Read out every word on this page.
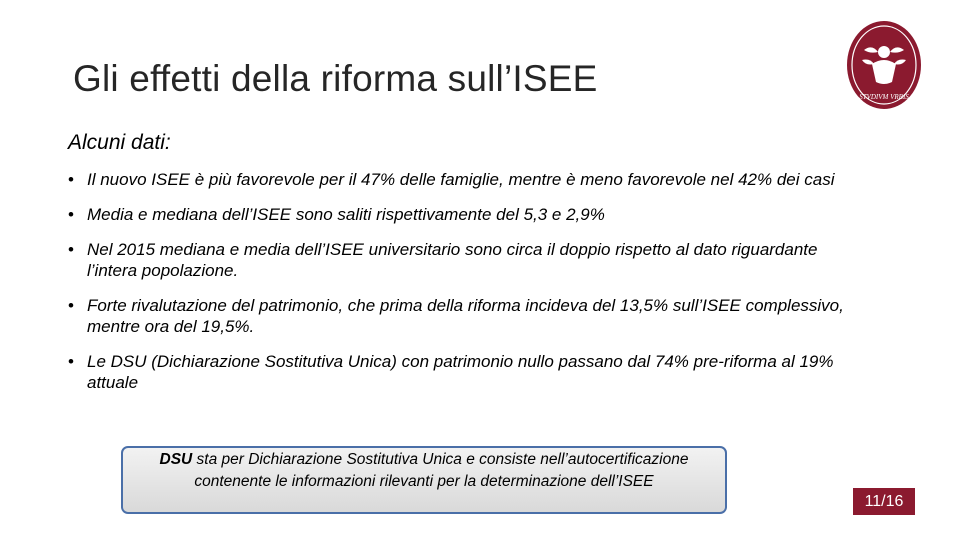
Gli effetti della riforma sull’ISEE	STVDIVM VRBIS
Alcuni dati:
• Il nuovo ISEE è più favorevole per il 47% delle famiglie, mentre è meno favorevole nel 42% dei casi
• Media e mediana dell’ISEE sono saliti rispettivamente del 5,3 e 2,9%
• Nel 2015 mediana e media dell’ISEE universitario sono circa il doppio rispetto al dato riguardante l’intera popolazione.
• Forte rivalutazione del patrimonio, che prima della riforma incideva del 13,5% sull’ISEE complessivo, mentre ora del 19,5%.
• Le DSU (Dichiarazione Sostitutiva Unica) con patrimonio nullo passano dal 74% pre-riforma al 19% attuale
DSU sta per Dichiarazione Sostitutiva Unica e consiste nell’autocertificazione contenente le informazioni rilevanti per la determinazione dell’ISEE
11/16
